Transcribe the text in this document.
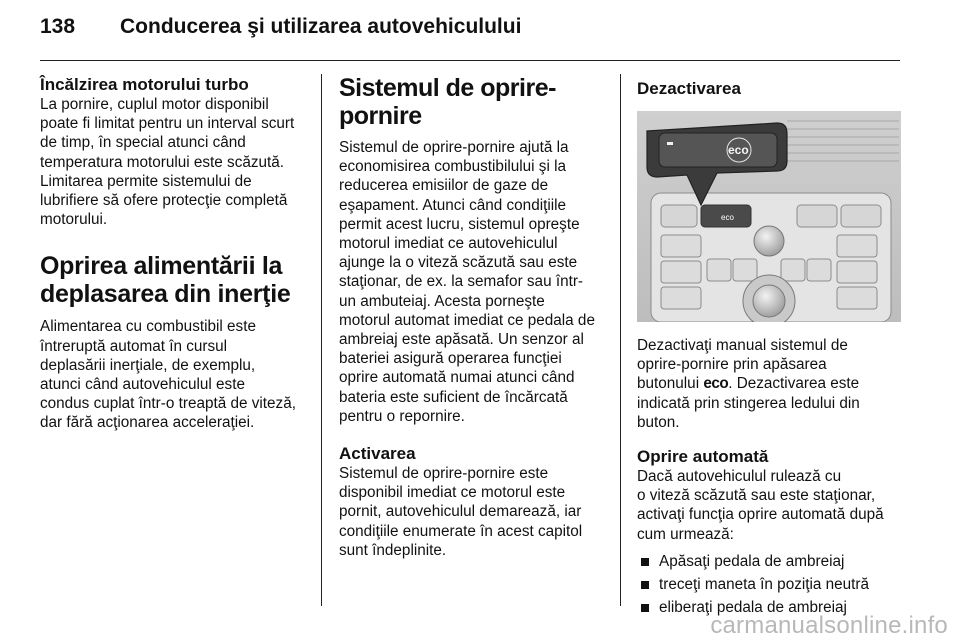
138 Conducerea şi utilizarea autovehiculului
Încălzirea motorului turbo

La pornire, cuplul motor disponibil
poate fi limitat pentru un interval scurt
de timp, în special atunci când
temperatura motorului este scăzută.
Limitarea permite sistemului de
lubrifiere să ofere protecţie completă
motorului.

Oprirea alimentării la
deplasarea din inerţie

Alimentarea cu combustibil este
întreruptă automat în cursul
deplasării inerţiale, de exemplu,
atunci când autovehiculul este
condus cuplat într-o treaptă de viteză,
dar fără acţionarea acceleraţiei.

Sistemul de oprire-pornire

Sistemul de oprire-pornire ajută la
economisirea combustibilului şi la
reducerea emisiilor de gaze de
eşapament. Atunci când condiţiile
permit acest lucru, sistemul opreşte
motorul imediat ce autovehiculul
ajunge la o viteză scăzută sau este
staţionar, de ex. la semafor sau într-
un ambuteiaj. Acesta porneşte
motorul automat imediat ce pedala de
ambreiaj este apăsată. Un senzor al
bateriei asigură operarea funcţiei
oprire automată numai atunci când
bateria este suficient de încărcată
pentru o repornire.

Activarea

Sistemul de oprire-pornire este
disponibil imediat ce motorul este
pornit, autovehiculul demarează, iar
condiţiile enumerate în acest capitol
sunt îndeplinite.

Dezactivarea
eco
eco

Dezactivaţi manual sistemul de
oprire-pornire prin apăsarea
butonului eco. Dezactivarea este
indicată prin stingerea ledului din
buton.

Oprire automată

Dacă autovehiculul rulează cu
o viteză scăzută sau este staţionar,
activaţi funcţia oprire automată după
cum urmează:

Apăsaţi pedala de ambreiaj
treceţi maneta în poziţia neutră
eliberaţi pedala de ambreiaj
carmanualsonline.info
